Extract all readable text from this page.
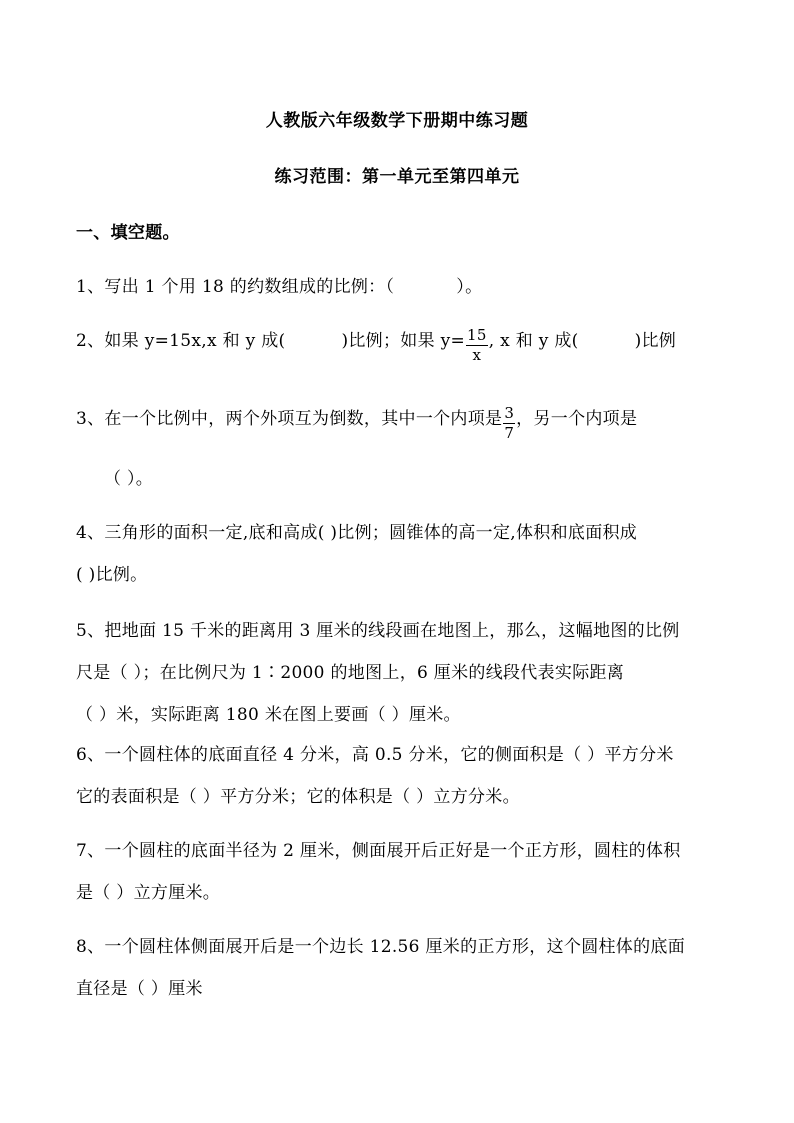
人教版六年级数学下册期中练习题
练习范围：第一单元至第四单元
一、填空题。
1、写出 1 个用 18 的约数组成的比例：（	）。
2、如果 y=15x,x 和 y 成(	)比例；如果 $y= \frac{15}{x}$ , x 和 y 成(	)比例
3、在一个比例中，两个外项互为倒数，其中一个内项是 $\frac{3}{7}$ ，另一个内项是
（ ）。
4、三角形的面积一定,底和高成( )比例；圆锥体的高一定,体积和底面积成
( )比例。
5、把地面 15 千米的距离用 3 厘米的线段画在地图上，那么，这幅地图的比例
尺是（ ）；在比例尺为 1∶2000 的地图上，6 厘米的线段代表实际距离
（ ）米，实际距离 180 米在图上要画（ ）厘米。
6、一个圆柱体的底面直径 4 分米，高 0.5 分米，它的侧面积是（ ）平方分米
它的表面积是（ ）平方分米；它的体积是（ ）立方分米。
7、一个圆柱的底面半径为 2 厘米，侧面展开后正好是一个正方形，圆柱的体积
是（ ）立方厘米。
8、一个圆柱体侧面展开后是一个边长 12.56 厘米的正方形，这个圆柱体的底面
直径是（ ）厘米
